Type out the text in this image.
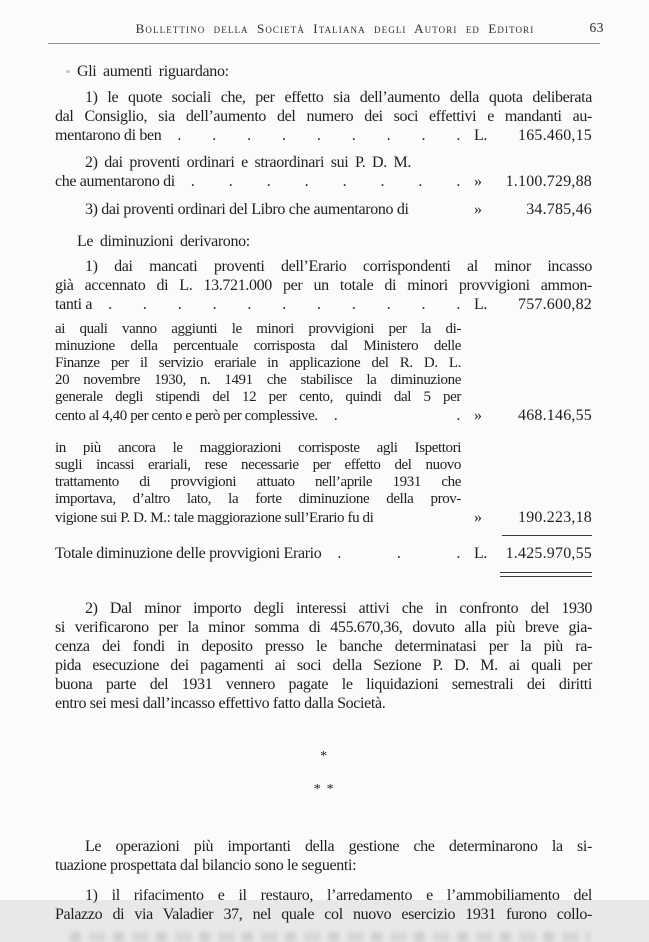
Bollettino della Società Italiana degli Autori ed Editori	63
Gli aumenti riguardano:
1) le quote sociali che, per effetto sia dell’aumento della quota deliberata
dal Consiglio, sia dell’aumento del numero dei soci effettivi e mandanti au-
mentarono di ben	. . . . . . . . . L.	165.460,15
2) dai proventi ordinari e straordinari sui P. D. M.
che aumentarono di	. . . . . . . . »	1.100.729,88
3) dai proventi ordinari del Libro che aumentarono di	»	34.785,46
Le diminuzioni derivarono:
1) dai mancati proventi dell’Erario corrispondenti al minor incasso
già accennato di L. 13.721.000 per un totale di minori provvigioni ammon-
tanti a	. . . . . . . . . . . L.	757.600,82
ai quali vanno aggiunti le minori provvigioni per la di-
minuzione della percentuale corrisposta dal Ministero delle
Finanze per il servizio erariale in applicazione del R. D. L.
20 novembre 1930, n. 1491 che stabilisce la diminuzione
generale degli stipendi del 12 per cento, quindi dal 5 per
cento al 4,40 per cento e però per complessive.	. . »	468.146,55
in più ancora le maggiorazioni corrisposte agli Ispettori
sugli incassi erariali, rese necessarie per effetto del nuovo
trattamento di provvigioni attuato nell’aprile 1931 che
importava, d’altro lato, la forte diminuzione della prov-
vigione sui P. D. M.: tale maggiorazione sull’Erario fu di	»	190.223,18
Totale diminuzione delle provvigioni Erario	. . . L.	1.425.970,55
2) Dal minor importo degli interessi attivi che in confronto del 1930
si verificarono per la minor somma di 455.670,36, dovuto alla più breve gia-
cenza dei fondi in deposito presso le banche determinatasi per la più ra-
pida esecuzione dei pagamenti ai soci della Sezione P. D. M. ai quali per
buona parte del 1931 vennero pagate le liquidazioni semestrali dei diritti
entro sei mesi dall’incasso effettivo fatto dalla Società.

*

*  *

Le operazioni più importanti della gestione che determinarono la si-
tuazione prospettata dal bilancio sono le seguenti:
1) il rifacimento e il restauro, l’arredamento e l’ammobiliamento del
Palazzo di via Valadier 37, nel quale col nuovo esercizio 1931 furono collo-
